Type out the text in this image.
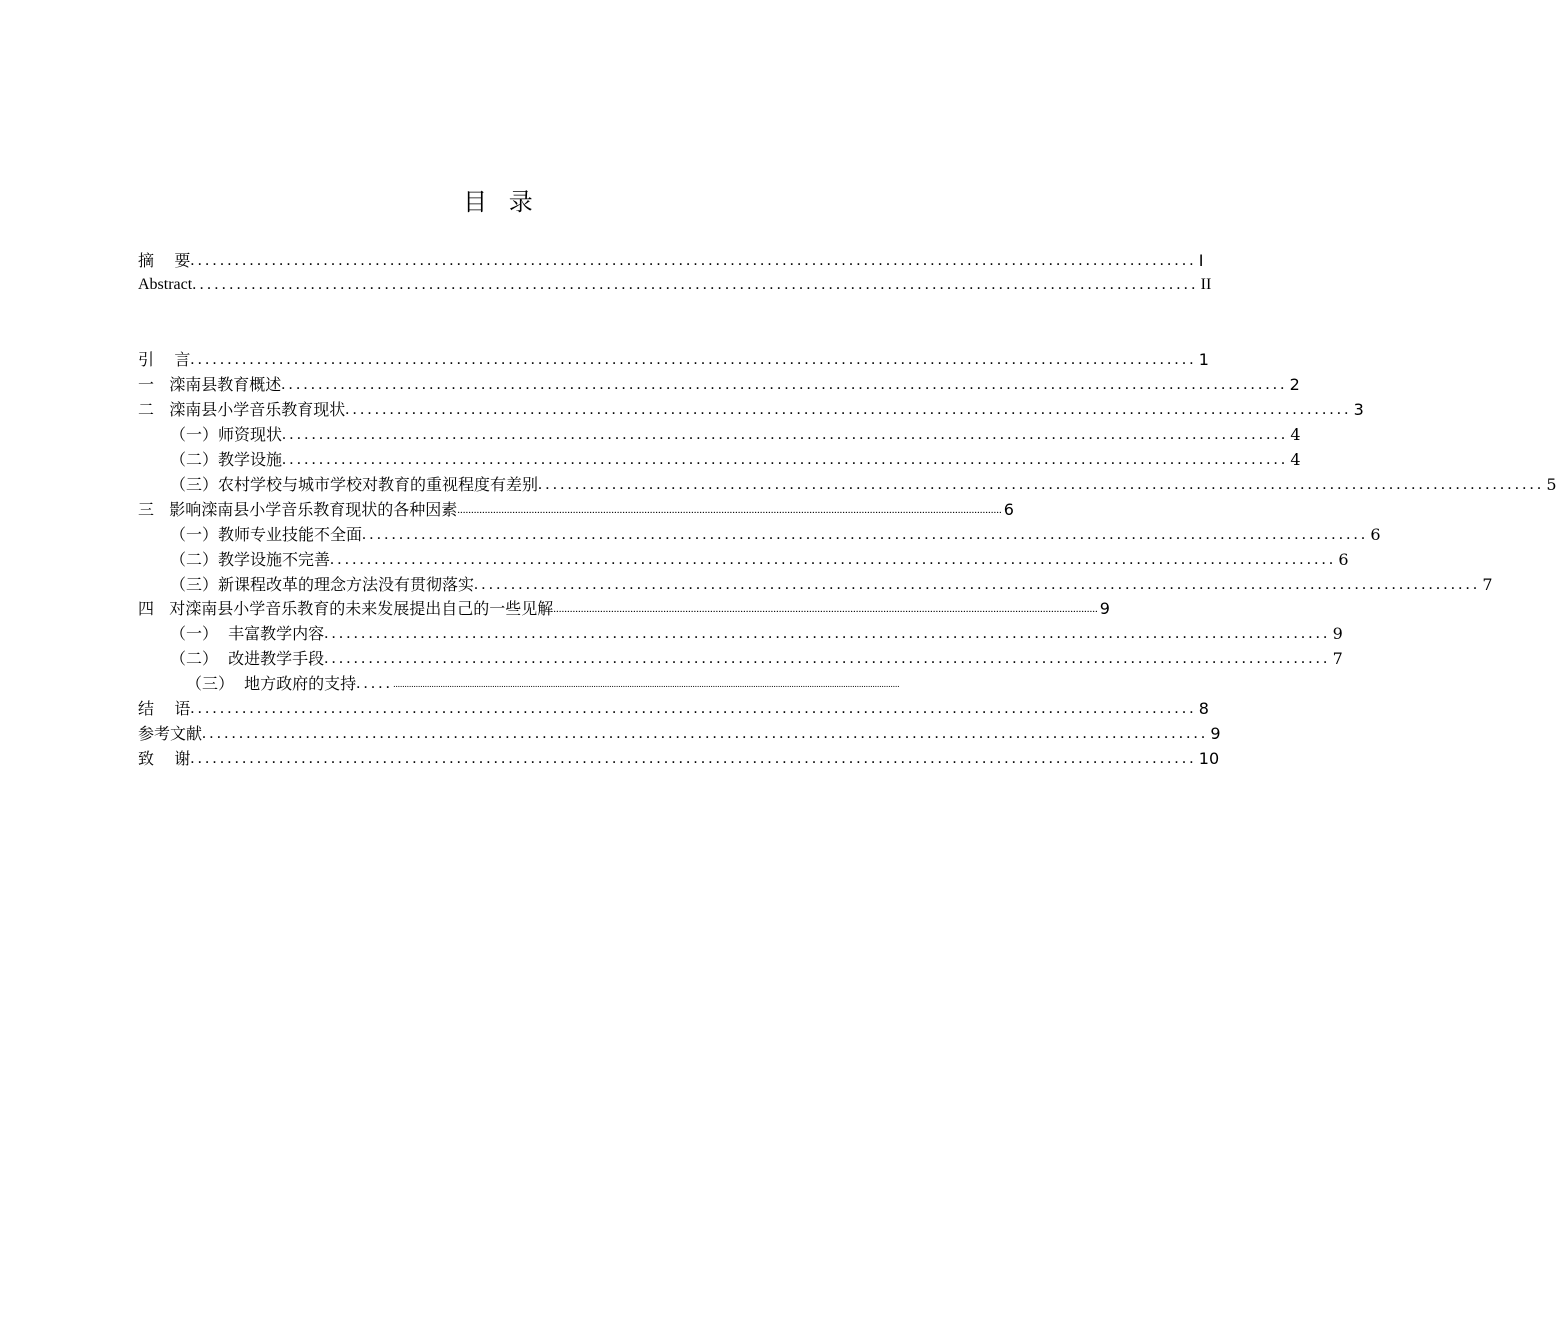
目 录
摘    要 ........................................................................................................................................ I
Abstract ........................................................................................................................................ II
引    言 ........................................................................................................................................ 1
一   滦南县教育概述 ........................................................................................................................................ 2
二   滦南县小学音乐教育现状 ........................................................................................................................................ 3
（一）师资现状 ........................................................................................................................................ 4
（二）教学设施 ........................................................................................................................................ 4
（三）农村学校与城市学校对教育的重视程度有差别 ........................................................................................................................................ 5
三   影响滦南县小学音乐教育现状的各种因素 ...................................................................................................................................................................................................... 6
（一）教师专业技能不全面 ........................................................................................................................................ 6
（二）教学设施不完善 ........................................................................................................................................ 6
（三）新课程改革的理念方法没有贯彻落实 ........................................................................................................................................ 7
四   对滦南县小学音乐教育的未来发展提出自己的一些见解 ...................................................................................................................................................................................................... 9
（一）  丰富教学内容 ........................................................................................................................................ 9
（二）  改进教学手段 ........................................................................................................................................ 7
（三）  地方政府的支持 ..... .................................................................................................................................................................................................................................
结    语 ........................................................................................................................................ 8
参考文献 ........................................................................................................................................ 9
致    谢 ........................................................................................................................................ 10
